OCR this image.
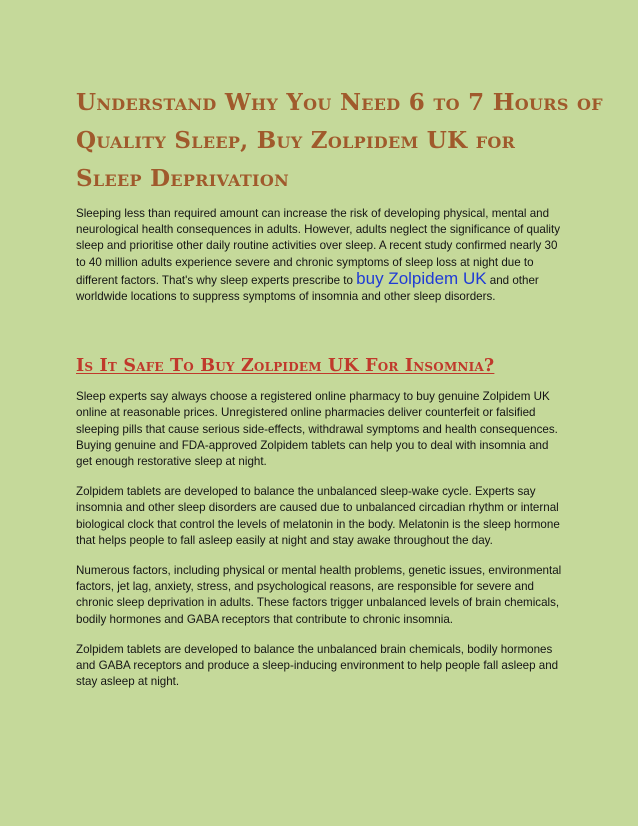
Understand Why You Need 6 to 7 Hours of
Quality Sleep, Buy Zolpidem UK for
Sleep Deprivation

Sleeping less than required amount can increase the risk of developing physical, mental and neurological health consequences in adults. However, adults neglect the significance of quality sleep and prioritise other daily routine activities over sleep. A recent study confirmed nearly 30 to 40 million adults experience severe and chronic symptoms of sleep loss at night due to different factors. That's why sleep experts prescribe to buy Zolpidem UK and other worldwide locations to suppress symptoms of insomnia and other sleep disorders.

Is It Safe To Buy Zolpidem UK For Insomnia?

Sleep experts say always choose a registered online pharmacy to buy genuine Zolpidem UK online at reasonable prices. Unregistered online pharmacies deliver counterfeit or falsified sleeping pills that cause serious side-effects, withdrawal symptoms and health consequences. Buying genuine and FDA-approved Zolpidem tablets can help you to deal with insomnia and get enough restorative sleep at night.

Zolpidem tablets are developed to balance the unbalanced sleep-wake cycle. Experts say insomnia and other sleep disorders are caused due to unbalanced circadian rhythm or internal biological clock that control the levels of melatonin in the body. Melatonin is the sleep hormone that helps people to fall asleep easily at night and stay awake throughout the day.

Numerous factors, including physical or mental health problems, genetic issues, environmental factors, jet lag, anxiety, stress, and psychological reasons, are responsible for severe and chronic sleep deprivation in adults. These factors trigger unbalanced levels of brain chemicals, bodily hormones and GABA receptors that contribute to chronic insomnia.

Zolpidem tablets are developed to balance the unbalanced brain chemicals, bodily hormones and GABA receptors and produce a sleep-inducing environment to help people fall asleep and stay asleep at night.
